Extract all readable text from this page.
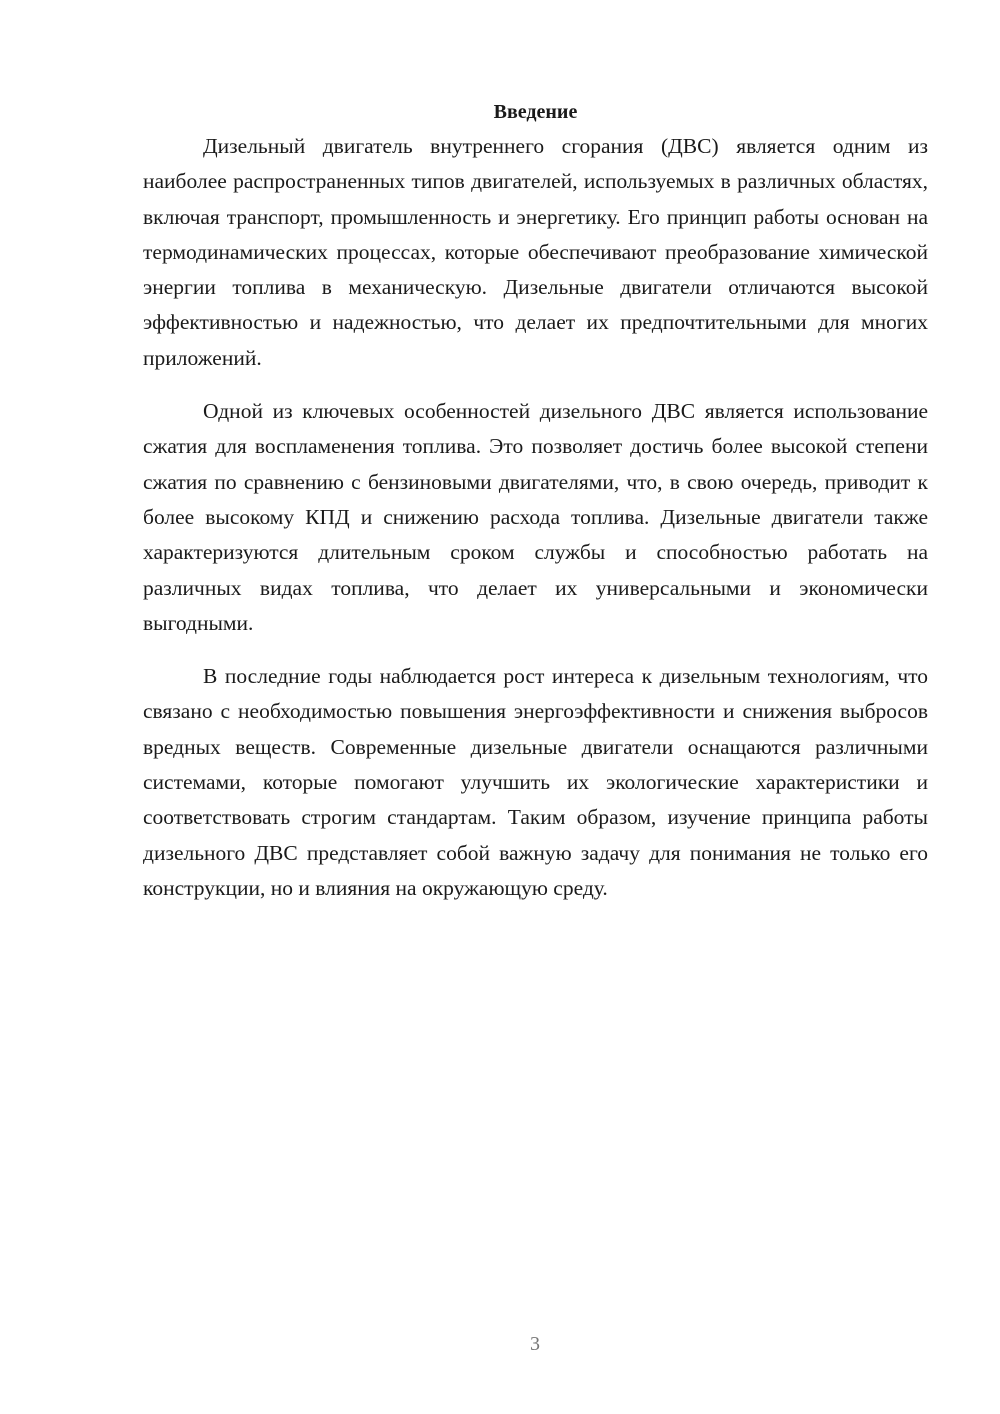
Введение

Дизельный двигатель внутреннего сгорания (ДВС) является одним из наиболее распространенных типов двигателей, используемых в различных областях, включая транспорт, промышленность и энергетику. Его принцип работы основан на термодинамических процессах, которые обеспечивают преобразование химической энергии топлива в механическую. Дизельные двигатели отличаются высокой эффективностью и надежностью, что делает их предпочтительными для многих приложений.

Одной из ключевых особенностей дизельного ДВС является использование сжатия для воспламенения топлива. Это позволяет достичь более высокой степени сжатия по сравнению с бензиновыми двигателями, что, в свою очередь, приводит к более высокому КПД и снижению расхода топлива. Дизельные двигатели также характеризуются длительным сроком службы и способностью работать на различных видах топлива, что делает их универсальными и экономически выгодными.

В последние годы наблюдается рост интереса к дизельным технологиям, что связано с необходимостью повышения энергоэффективности и снижения выбросов вредных веществ. Современные дизельные двигатели оснащаются различными системами, которые помогают улучшить их экологические характеристики и соответствовать строгим стандартам. Таким образом, изучение принципа работы дизельного ДВС представляет собой важную задачу для понимания не только его конструкции, но и влияния на окружающую среду.

3
